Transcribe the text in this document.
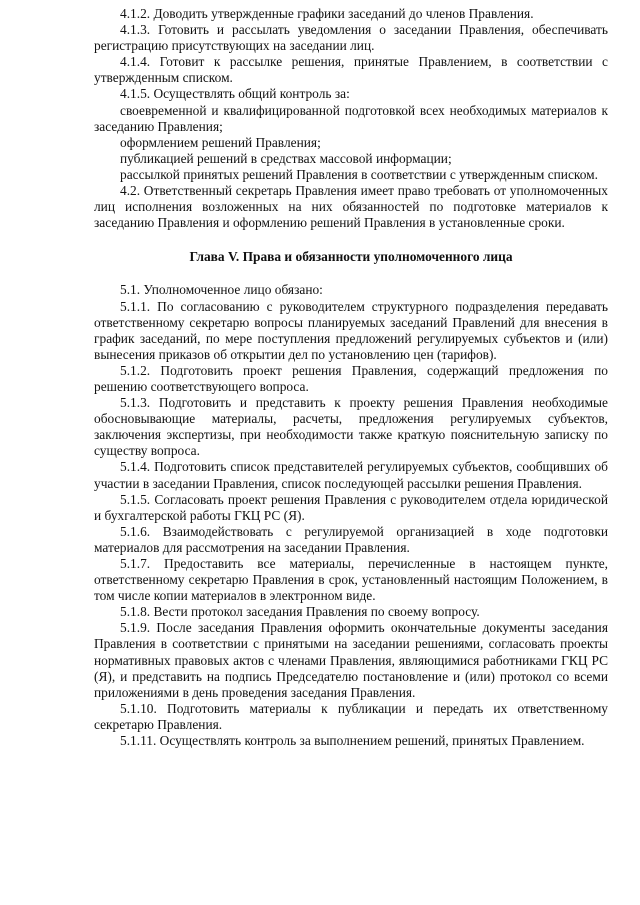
4.1.2. Доводить утвержденные графики заседаний до членов Правления.

4.1.3. Готовить и рассылать уведомления о заседании Правления, обеспечивать регистрацию присутствующих на заседании лиц.

4.1.4. Готовит к рассылке решения, принятые Правлением, в соответствии с утвержденным списком.

4.1.5. Осуществлять общий контроль за:

своевременной и квалифицированной подготовкой всех необходимых материалов к заседанию Правления;

оформлением решений Правления;

публикацией решений в средствах массовой информации;

рассылкой принятых решений Правления в соответствии с утвержденным списком.

4.2. Ответственный секретарь Правления имеет право требовать от уполномоченных лиц исполнения возложенных на них обязанностей по подготовке материалов к заседанию Правления и оформлению решений Правления в установленные сроки.

Глава V. Права и обязанности уполномоченного лица

5.1. Уполномоченное лицо обязано:

5.1.1. По согласованию с руководителем структурного подразделения передавать ответственному секретарю вопросы планируемых заседаний Правлений для внесения в график заседаний, по мере поступления предложений регулируемых субъектов и (или) вынесения приказов об открытии дел по установлению цен (тарифов).

5.1.2. Подготовить проект решения Правления, содержащий предложения по решению соответствующего вопроса.

5.1.3. Подготовить и представить к проекту решения Правления необходимые обосновывающие материалы, расчеты, предложения регулируемых субъектов, заключения экспертизы, при необходимости также краткую пояснительную записку по существу вопроса.

5.1.4. Подготовить список представителей регулируемых субъектов, сообщивших об участии в заседании Правления, список последующей рассылки решения Правления.

5.1.5. Согласовать проект решения Правления с руководителем отдела юридической и бухгалтерской работы ГКЦ РС (Я).

5.1.6. Взаимодействовать с регулируемой организацией в ходе подготовки материалов для рассмотрения на заседании Правления.

5.1.7. Предоставить все материалы, перечисленные в настоящем пункте, ответственному секретарю Правления в срок, установленный настоящим Положением, в том числе копии материалов в электронном виде.

5.1.8. Вести протокол заседания Правления по своему вопросу.

5.1.9. После заседания Правления оформить окончательные документы заседания Правления в соответствии с принятыми на заседании решениями, согласовать проекты нормативных правовых актов с членами Правления, являющимися работниками ГКЦ РС (Я), и представить на подпись Председателю постановление и (или) протокол со всеми приложениями в день проведения заседания Правления.

5.1.10. Подготовить материалы к публикации и передать их ответственному секретарю Правления.

5.1.11. Осуществлять контроль за выполнением решений, принятых Правлением.
